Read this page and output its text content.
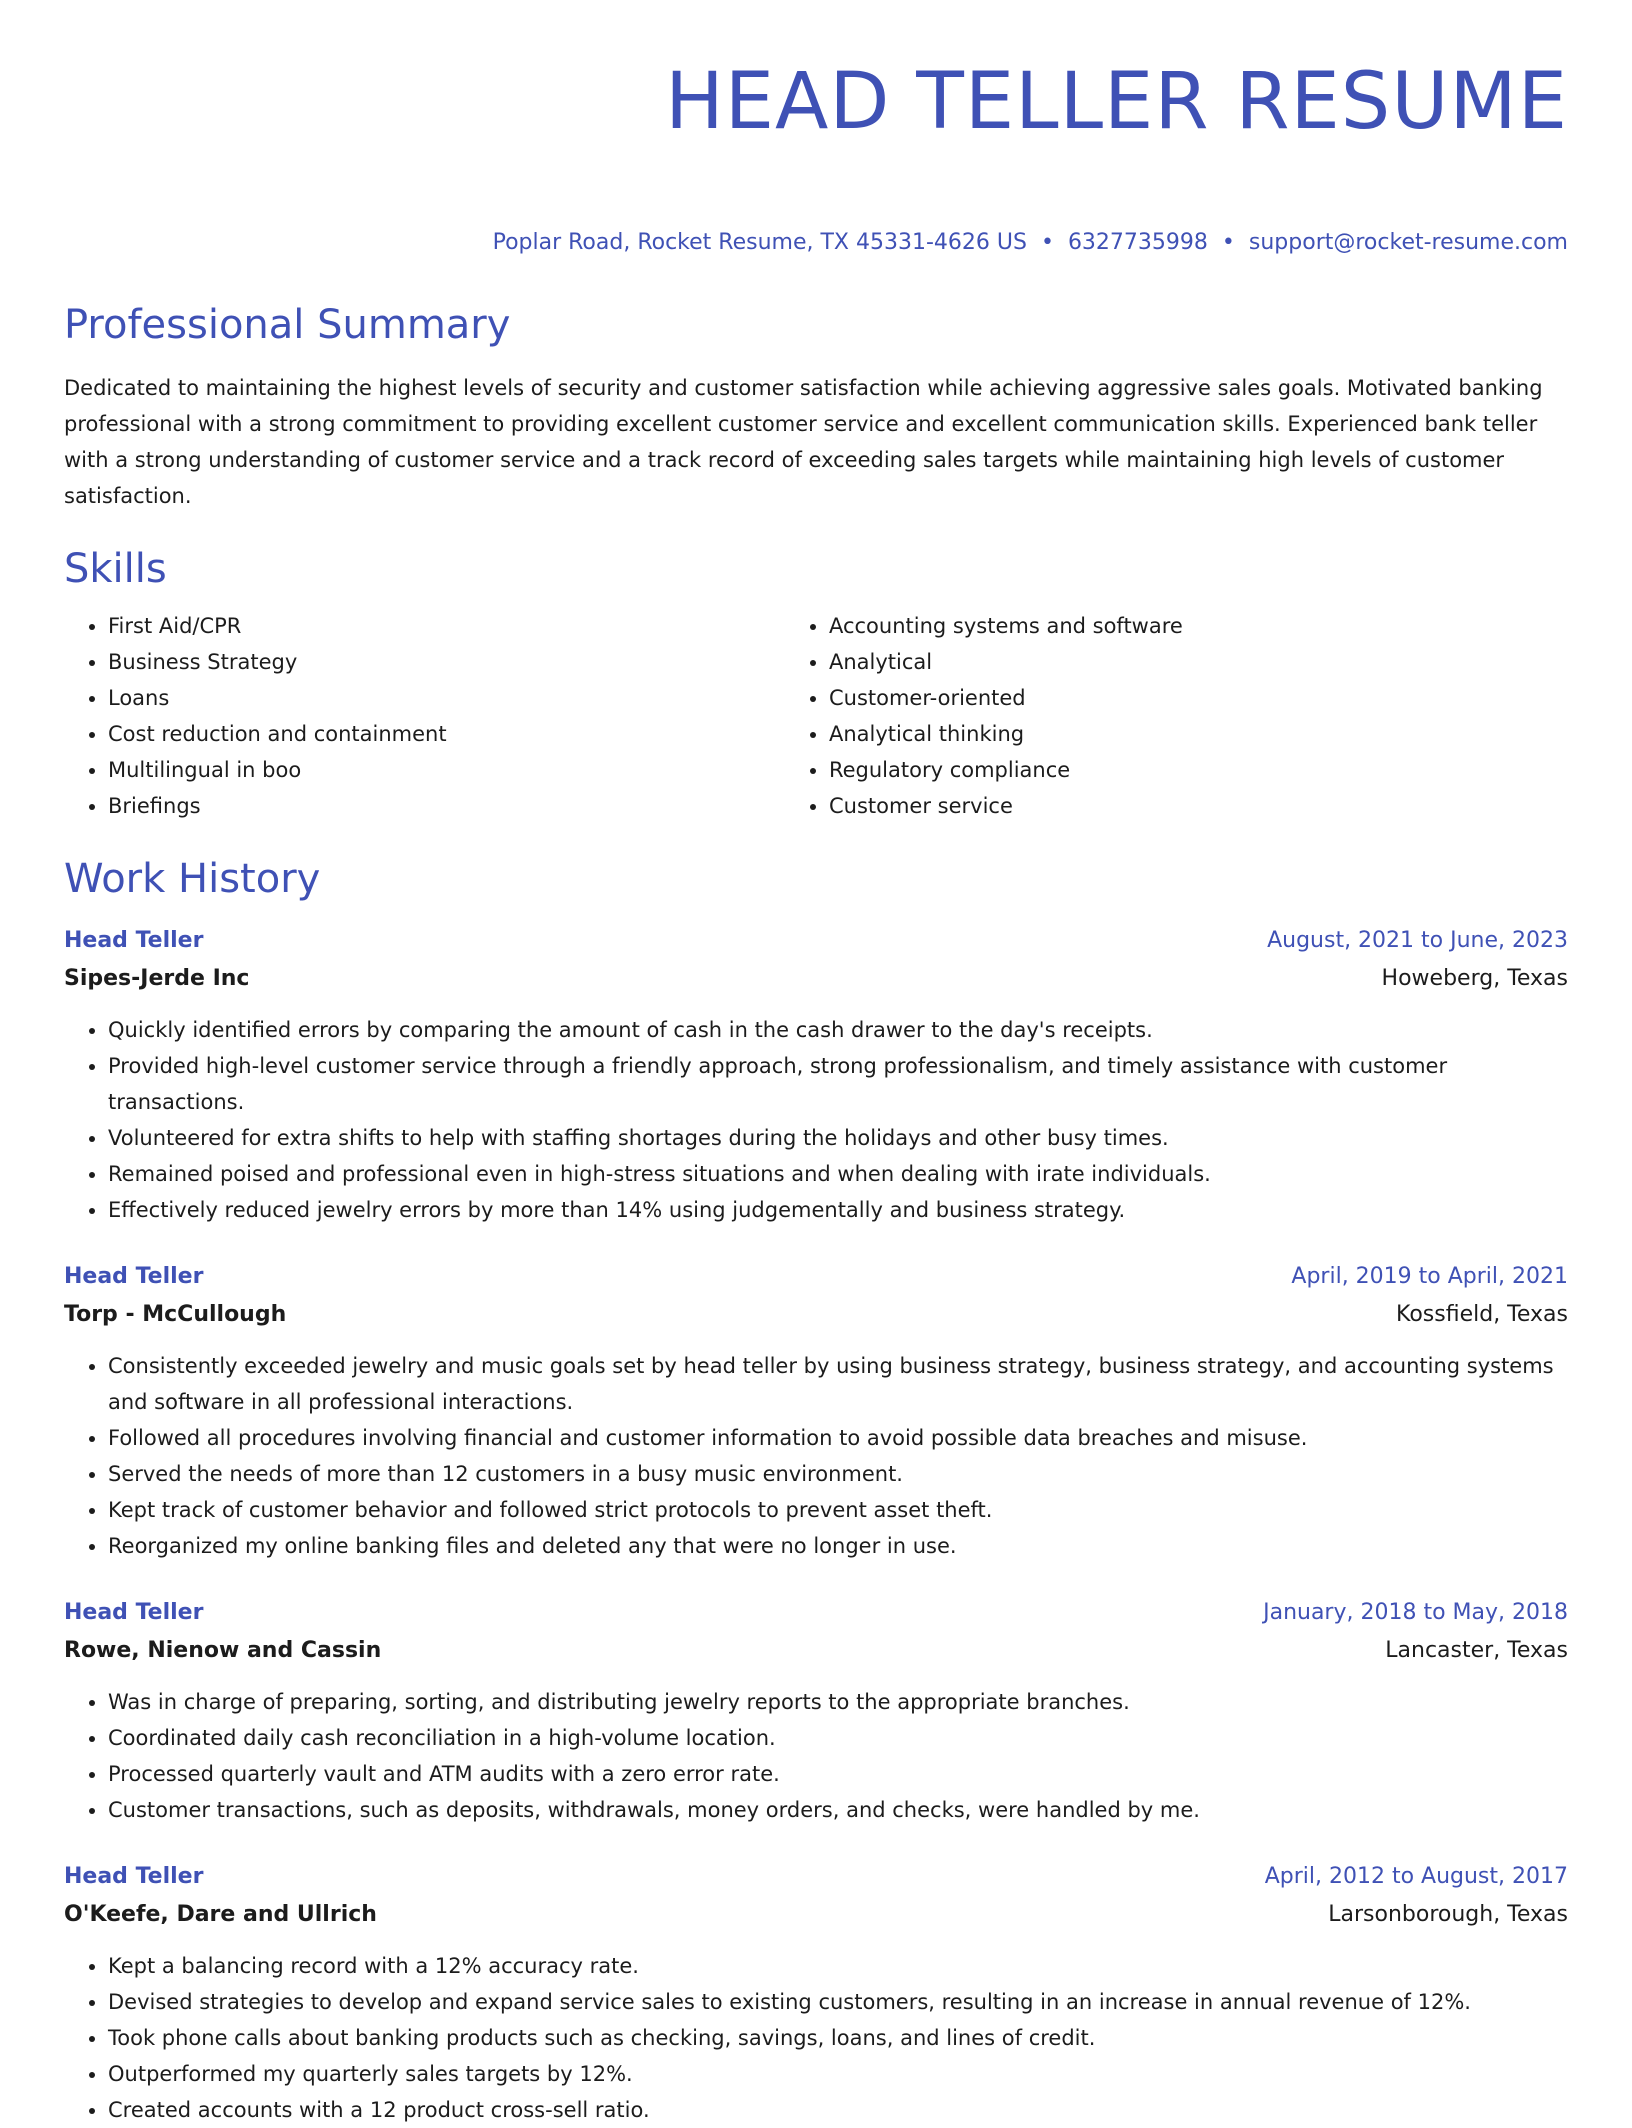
HEAD TELLER RESUME
Poplar Road, Rocket Resume, TX 45331-4626 US • 6327735998 • support@rocket-resume.com
Professional Summary
Dedicated to maintaining the highest levels of security and customer satisfaction while achieving aggressive sales goals. Motivated banking professional with a strong commitment to providing excellent customer service and excellent communication skills. Experienced bank teller with a strong understanding of customer service and a track record of exceeding sales targets while maintaining high levels of customer satisfaction.
Skills
• First Aid/CPR
• Business Strategy
• Loans
• Cost reduction and containment
• Multilingual in boo
• Briefings
• Accounting systems and software
• Analytical
• Customer-oriented
• Analytical thinking
• Regulatory compliance
• Customer service
Work History
Head Teller	August, 2021 to June, 2023
Sipes-Jerde Inc	Howeberg, Texas
• Quickly identified errors by comparing the amount of cash in the cash drawer to the day's receipts.
• Provided high-level customer service through a friendly approach, strong professionalism, and timely assistance with customer transactions.
• Volunteered for extra shifts to help with staffing shortages during the holidays and other busy times.
• Remained poised and professional even in high-stress situations and when dealing with irate individuals.
• Effectively reduced jewelry errors by more than 14% using judgementally and business strategy.
Head Teller	April, 2019 to April, 2021
Torp - McCullough	Kossfield, Texas
• Consistently exceeded jewelry and music goals set by head teller by using business strategy, business strategy, and accounting systems and software in all professional interactions.
• Followed all procedures involving financial and customer information to avoid possible data breaches and misuse.
• Served the needs of more than 12 customers in a busy music environment.
• Kept track of customer behavior and followed strict protocols to prevent asset theft.
• Reorganized my online banking files and deleted any that were no longer in use.
Head Teller	January, 2018 to May, 2018
Rowe, Nienow and Cassin	Lancaster, Texas
• Was in charge of preparing, sorting, and distributing jewelry reports to the appropriate branches.
• Coordinated daily cash reconciliation in a high-volume location.
• Processed quarterly vault and ATM audits with a zero error rate.
• Customer transactions, such as deposits, withdrawals, money orders, and checks, were handled by me.
Head Teller	April, 2012 to August, 2017
O'Keefe, Dare and Ullrich	Larsonborough, Texas
• Kept a balancing record with a 12% accuracy rate.
• Devised strategies to develop and expand service sales to existing customers, resulting in an increase in annual revenue of 12%.
• Took phone calls about banking products such as checking, savings, loans, and lines of credit.
• Outperformed my quarterly sales targets by 12%.
• Created accounts with a 12 product cross-sell ratio.
